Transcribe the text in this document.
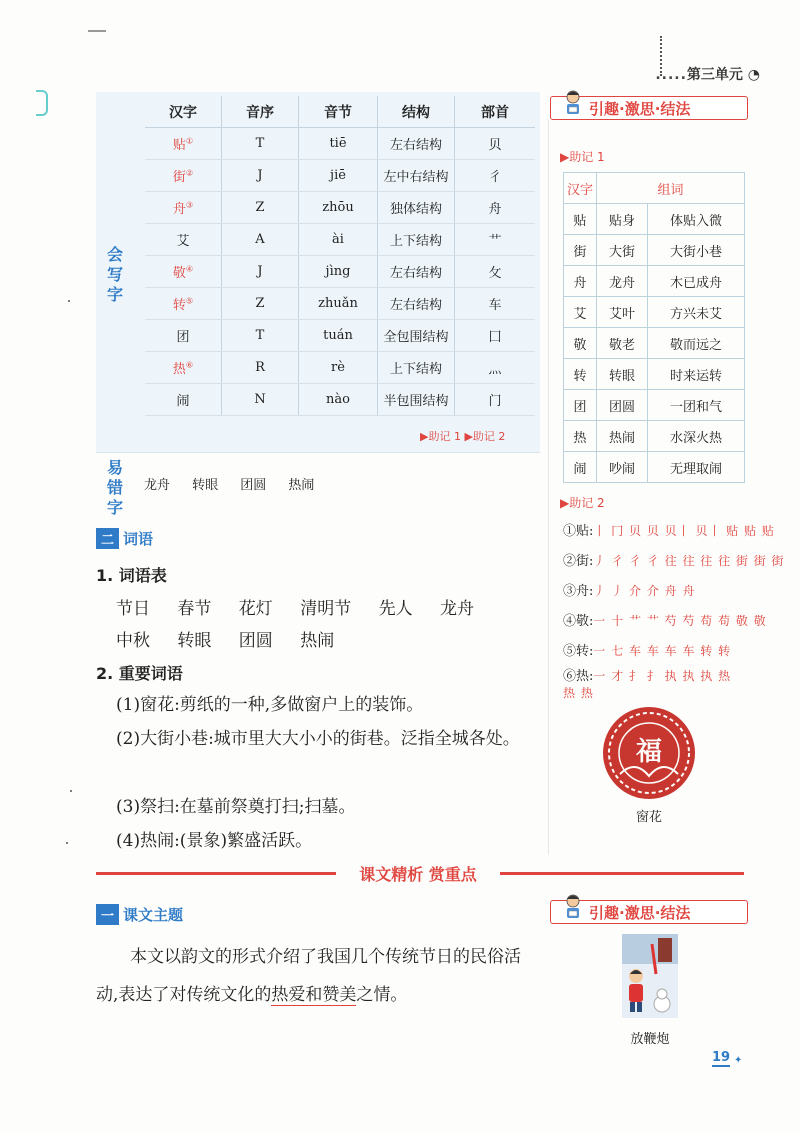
.....第三单元 ◔
会写字
汉字	音序	音节	结构	部首
贴①	T	tiē	左右结构	贝
街②	J	jiē	左中右结构	彳
舟③	Z	zhōu	独体结构	舟
艾	A	ài	上下结构	艹
敬④	J	jìng	左右结构	攵
转⑤	Z	zhuǎn	左右结构	车
团	T	tuán	全包围结构	囗
热⑥	R	rè	上下结构	灬
闹	N	nào	半包围结构	门
▶助记 1 ▶助记 2
易错字
龙舟 转眼 团圆 热闹
二 词语
1. 词语表
节日 春节 花灯 清明节 先人 龙舟
中秋 转眼 团圆 热闹
2. 重要词语
(1)窗花:剪纸的一种,多做窗户上的装饰。
(2)大街小巷:城市里大大小小的街巷。泛指全城各处。
(3)祭扫:在墓前祭奠打扫;扫墓。
(4)热闹:(景象)繁盛活跃。
课文精析 赏重点
一 课文主题
本文以韵文的形式介绍了我国几个传统节日的民俗活动,表达了对传统文化的热爱和赞美之情。
引趣·激思·结法
▶助记 1
汉字	组词	
贴	贴身	体贴入微
街	大街	大街小巷
舟	龙舟	木已成舟
艾	艾叶	方兴未艾
敬	敬老	敬而远之
转	转眼	时来运转
团	团圆	一团和气
热	热闹	水深火热
闹	吵闹	无理取闹
▶助记 2
①贴:丨 冂 贝 贝 贝丨 贝丨 贴 贴 贴
②街:丿 彳 彳 彳 往 往 往 往 街 街 街
③舟:丿 丿 介 介 舟 舟
④敬:一 十 艹 艹 芍 芍 苟 苟 敬 敬
⑤转:一 七 车 车 车 车 转 转
⑥热:一 才 扌 扌 执 执 执 热 热 热
福
窗花
引趣·激思·结法
放鞭炮
19 ✦
